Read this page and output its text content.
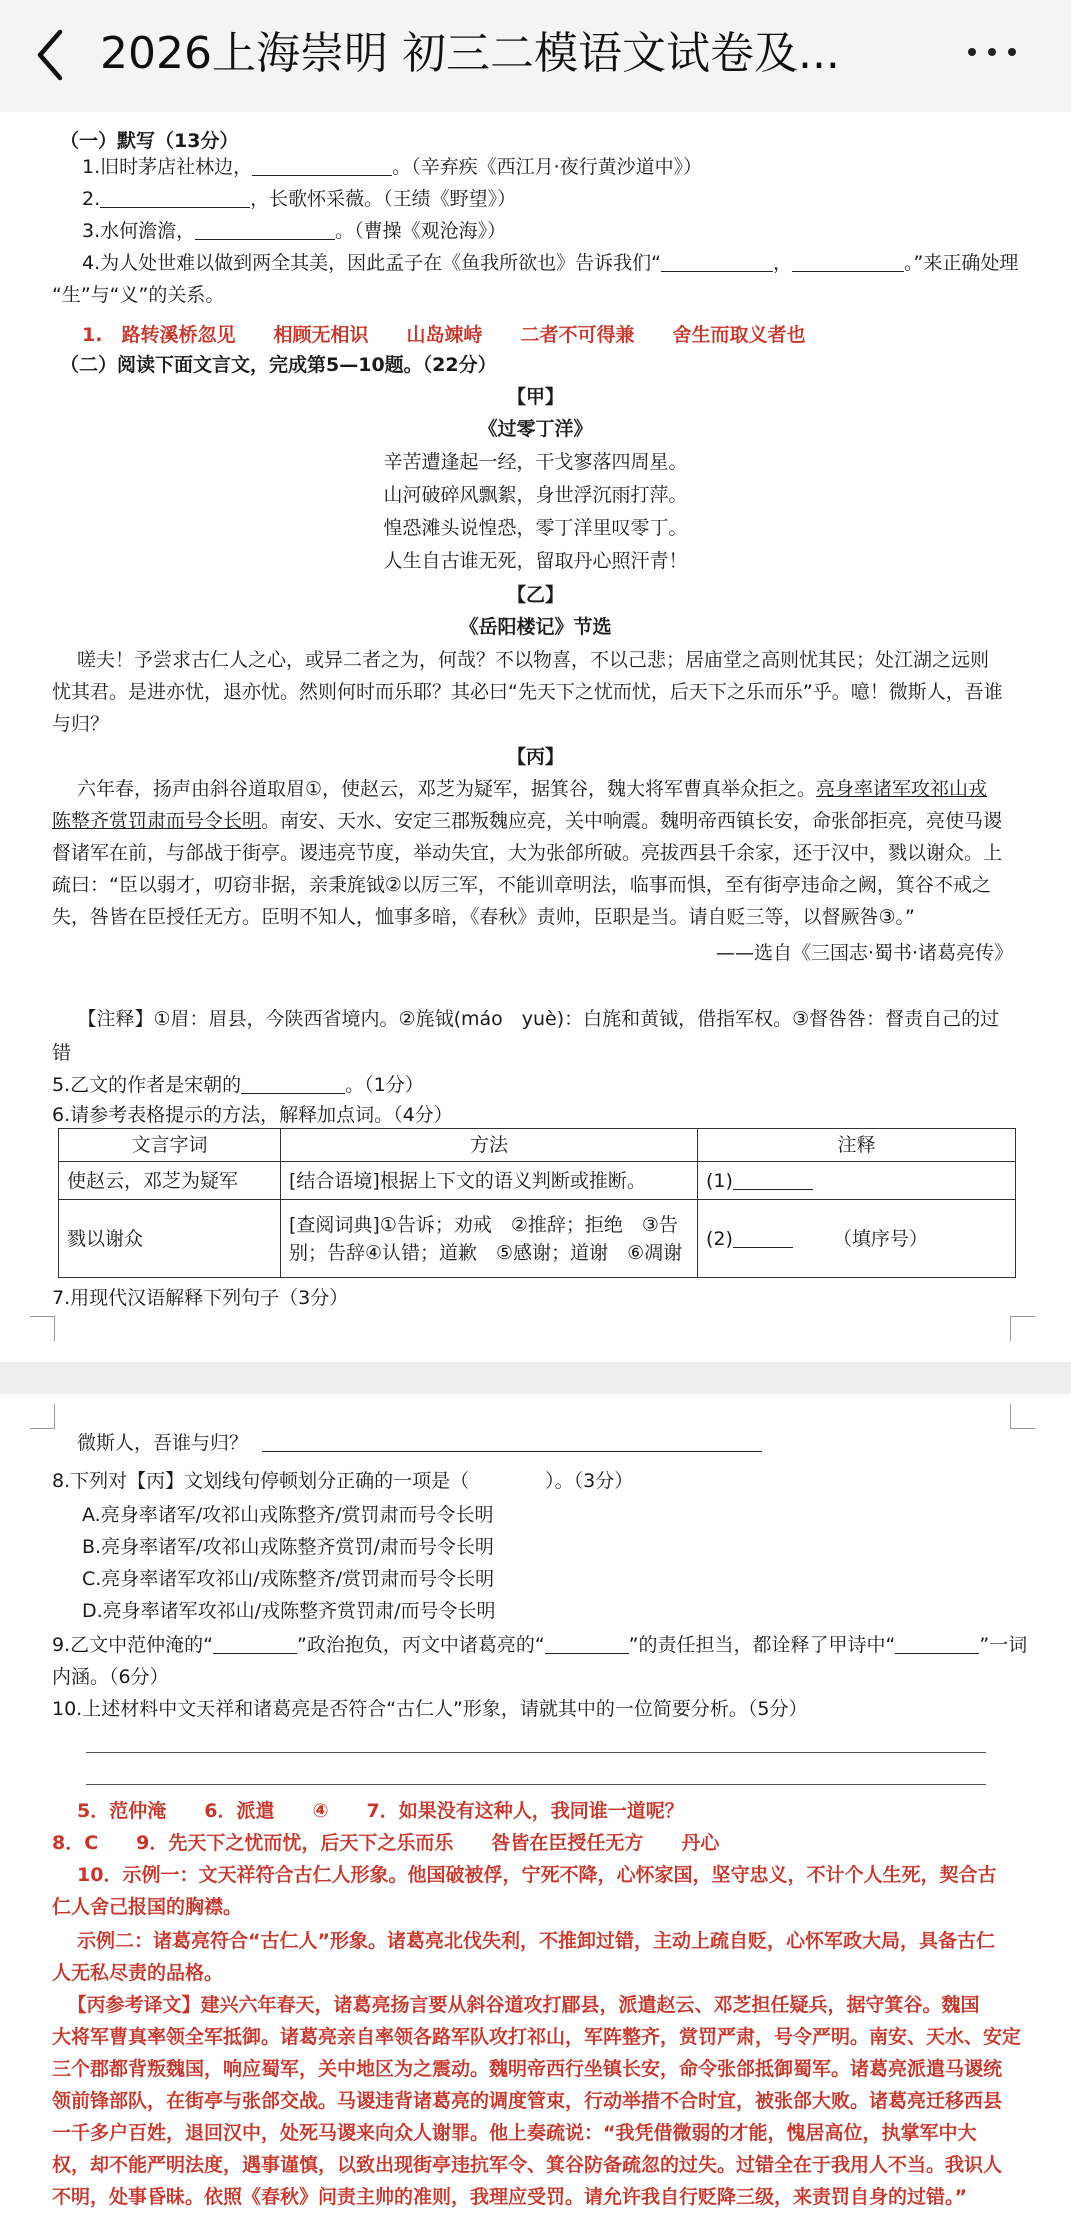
2026上海崇明 初三二模语文试卷及...
（一）默写（13分）
1.旧时茅店社林边，	。（辛弃疾《西江月·夜行黄沙道中》）
2.	，长歌怀采薇。（王绩《野望》）
3.水何澹澹，	。（曹操《观沧海》）
4.为人处世难以做到两全其美，因此孟子在《鱼我所欲也》告诉我们“	，	。”来正确处理
“生”与“义”的关系。
1.　路转溪桥忽见　　相顾无相识　　山岛竦峙　　二者不可得兼　　舍生而取义者也
（二）阅读下面文言文，完成第5—10题。（22分）
【甲】
《过零丁洋》
辛苦遭逢起一经，干戈寥落四周星。
山河破碎风飘絮，身世浮沉雨打萍。
惶恐滩头说惶恐，零丁洋里叹零丁。
人生自古谁无死，留取丹心照汗青！
【乙】
《岳阳楼记》节选
　嗟夫！予尝求古仁人之心，或异二者之为，何哉？不以物喜，不以己悲；居庙堂之高则忧其民；处江湖之远则
忧其君。是进亦忧，退亦忧。然则何时而乐耶？其必曰“先天下之忧而忧，后天下之乐而乐”乎。噫！微斯人，吾谁
与归？
【丙】
　六年春，扬声由斜谷道取眉①，使赵云，邓芝为疑军，据箕谷，魏大将军曹真举众拒之。亮身率诸军攻祁山戎
陈整齐赏罚肃而号令长明。南安、天水、安定三郡叛魏应亮，关中响震。魏明帝西镇长安，命张郃拒亮，亮使马谡
督诸军在前，与郃战于街亭。谡违亮节度，举动失宜，大为张郃所破。亮拔西县千余家，还于汉中，戮以谢众。上
疏曰：“臣以弱才，叨窃非据，亲秉旄钺②以厉三军，不能训章明法，临事而惧，至有街亭违命之阙，箕谷不戒之
失，咎皆在臣授任无方。臣明不知人，恤事多暗，《春秋》责帅，臣职是当。请自贬三等，以督厥咎③。”
——选自《三国志·蜀书·诸葛亮传》
　【注释】①眉：眉县，今陕西省境内。②旄钺(máo　yuè)：白旄和黄钺，借指军权。③督咎咎：督责自己的过
错
5.乙文的作者是宋朝的	。（1分）
6.请参考表格提示的方法，解释加点词。（4分）
文言字词	方法	注释
使赵云，邓芝为疑军	[结合语境]根据上下文的语义判断或推断。	(1)
戮以谢众	[查阅词典]①告诉；劝戒　②推辞；拒绝　③告
别；告辞④认错；道歉　⑤感谢；道谢　⑥凋谢	(2) （填序号）
7.用现代汉语解释下列句子（3分）
　微斯人，吾谁与归？
8.下列对【丙】文划线句停顿划分正确的一项是（　　　　）。（3分）
A.亮身率诸军/攻祁山戎陈整齐/赏罚肃而号令长明
B.亮身率诸军/攻祁山戎陈整齐赏罚/肃而号令长明
C.亮身率诸军攻祁山/戎陈整齐/赏罚肃而号令长明
D.亮身率诸军攻祁山/戎陈整齐赏罚肃/而号令长明
9.乙文中范仲淹的“	”政治抱负，丙文中诸葛亮的“	”的责任担当，都诠释了甲诗中“	”一词
内涵。（6分）
10.上述材料中文天祥和诸葛亮是否符合“古仁人”形象，请就其中的一位简要分析。（5分）
　5．范仲淹　　6．派遣　　④　　7．如果没有这种人，我同谁一道呢？
8．C　　9．先天下之忧而忧，后天下之乐而乐　　咎皆在臣授任无方　　丹心
　10．示例一：文天祥符合古仁人形象。他国破被俘，宁死不降，心怀家国，坚守忠义，不计个人生死，契合古
仁人舍己报国的胸襟。
　示例二：诸葛亮符合“古仁人”形象。诸葛亮北伐失利，不推卸过错，主动上疏自贬，心怀军政大局，具备古仁
人无私尽责的品格。
　【丙参考译文】建兴六年春天，诸葛亮扬言要从斜谷道攻打郿县，派遣赵云、邓芝担任疑兵，据守箕谷。魏国
大将军曹真率领全军抵御。诸葛亮亲自率领各路军队攻打祁山，军阵整齐，赏罚严肃，号令严明。南安、天水、安定
三个郡都背叛魏国，响应蜀军，关中地区为之震动。魏明帝西行坐镇长安，命令张郃抵御蜀军。诸葛亮派遣马谡统
领前锋部队，在街亭与张郃交战。马谡违背诸葛亮的调度管束，行动举措不合时宜，被张郃大败。诸葛亮迁移西县
一千多户百姓，退回汉中，处死马谡来向众人谢罪。他上奏疏说：“我凭借微弱的才能，愧居高位，执掌军中大
权，却不能严明法度，遇事谨慎，以致出现街亭违抗军令、箕谷防备疏忽的过失。过错全在于我用人不当。我识人
不明，处事昏昧。依照《春秋》问责主帅的准则，我理应受罚。请允许我自行贬降三级，来责罚自身的过错。”
